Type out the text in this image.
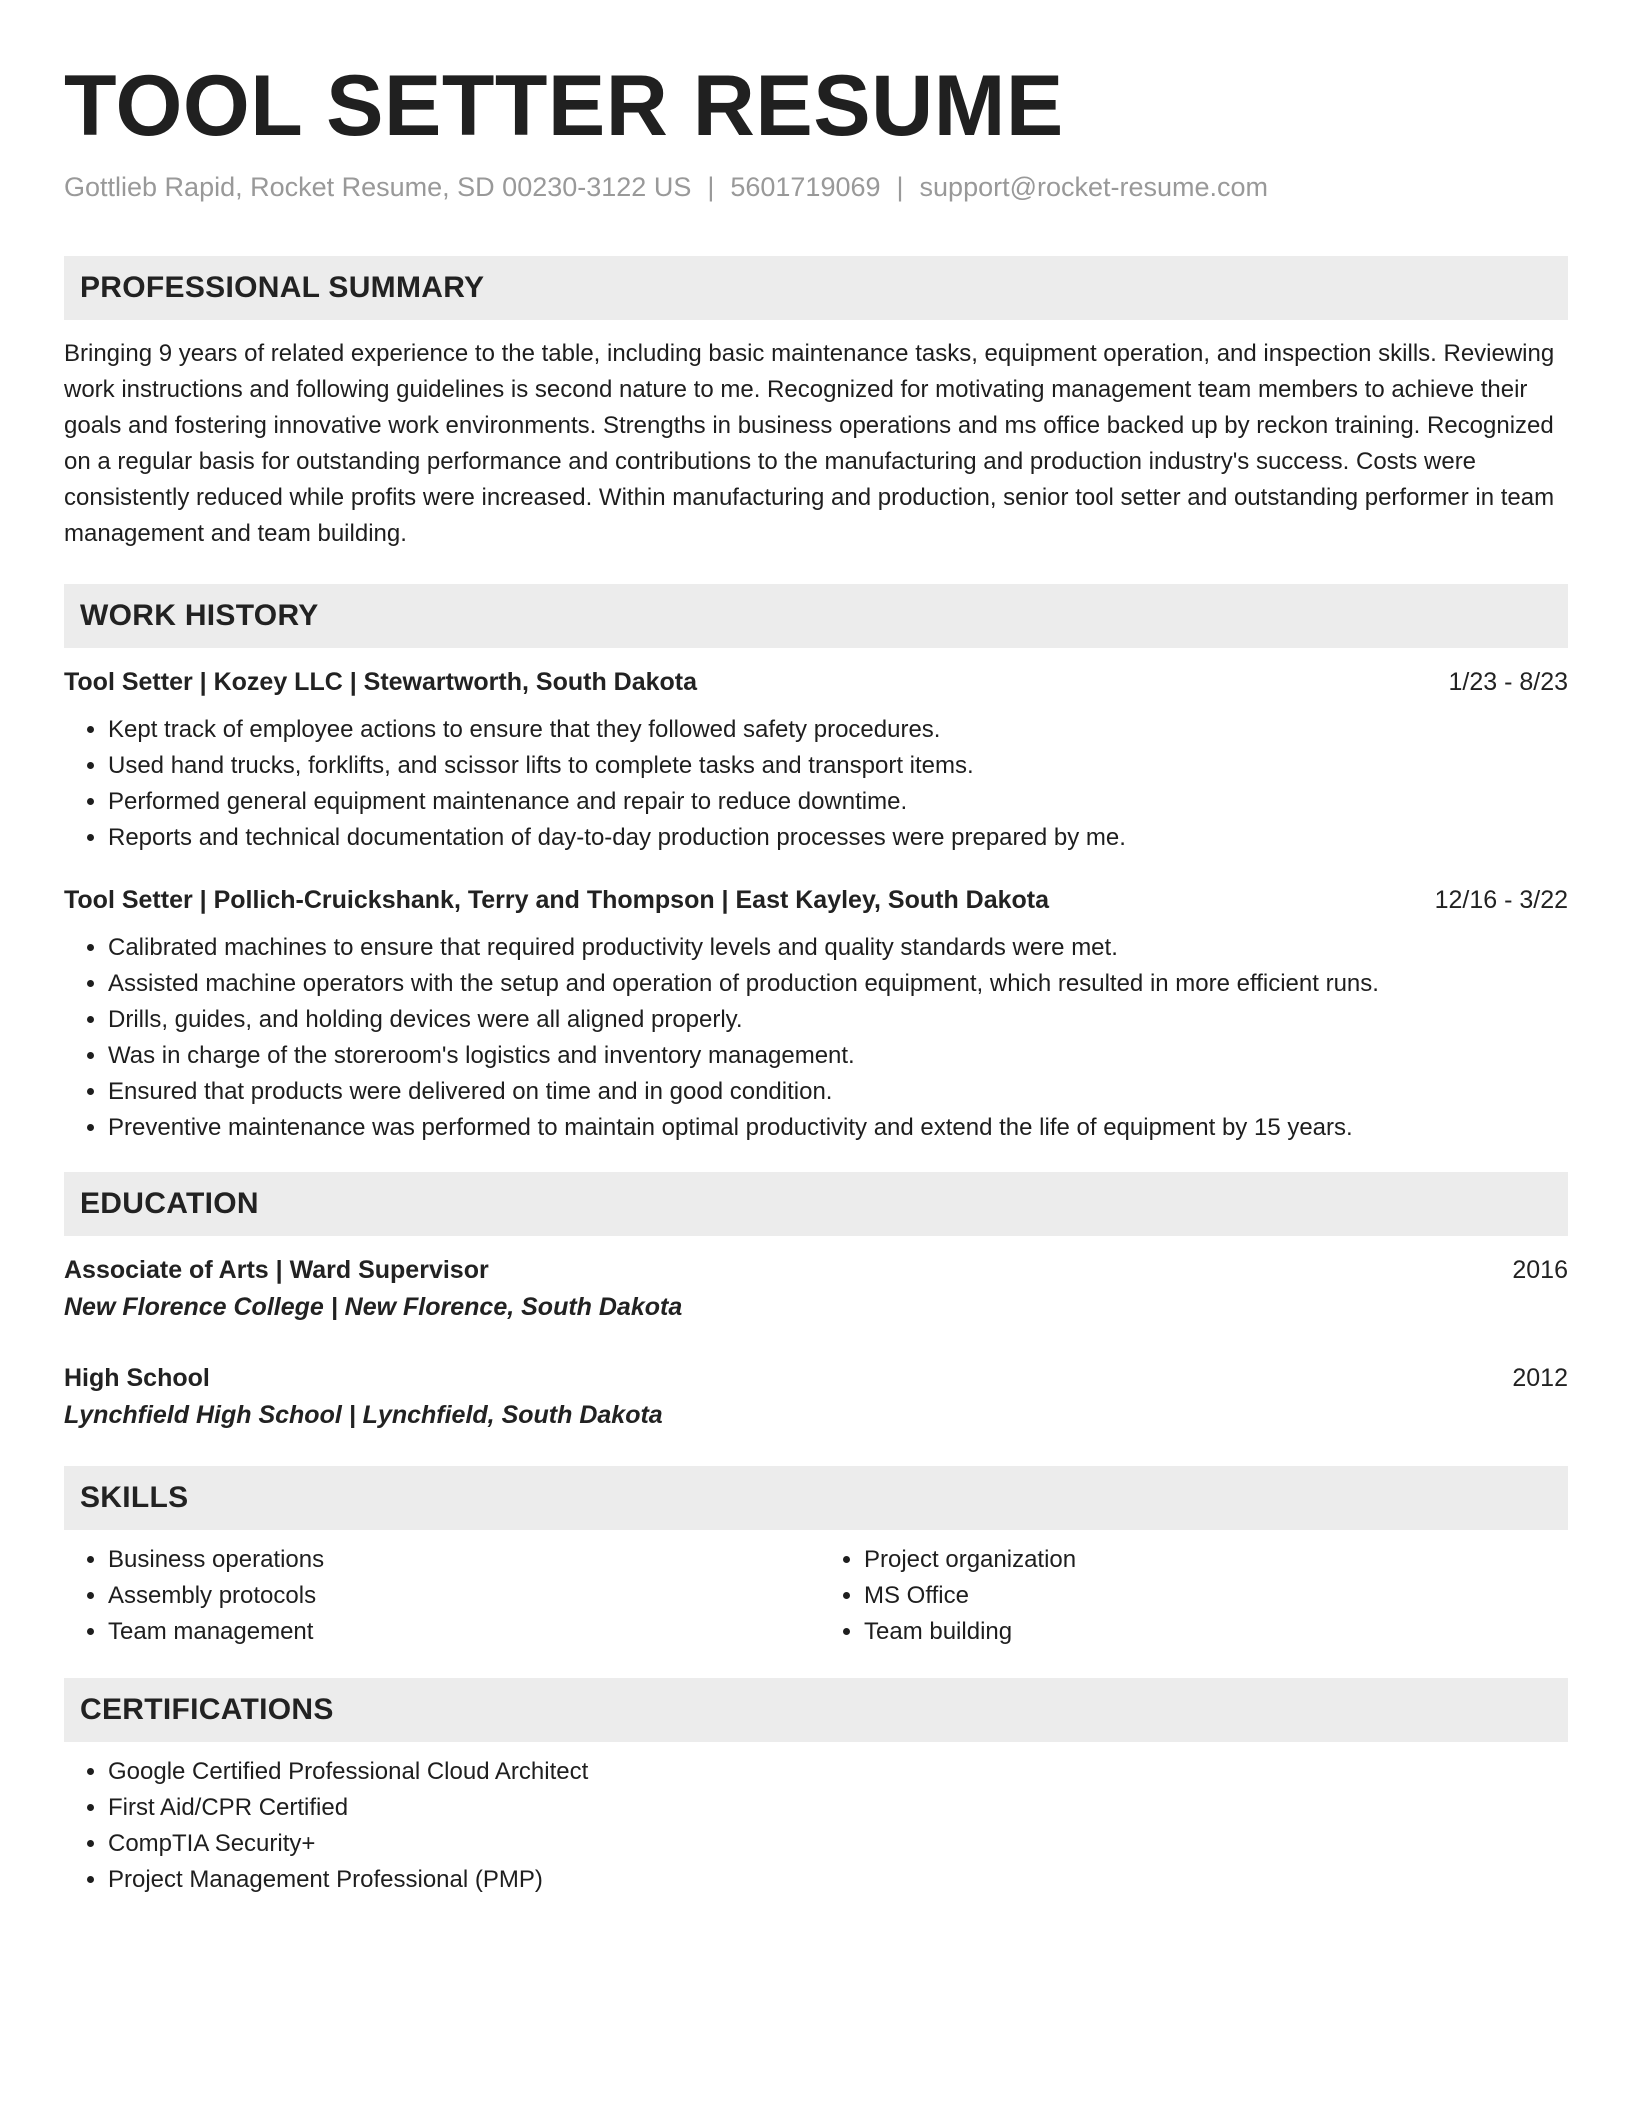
TOOL SETTER RESUME
Gottlieb Rapid, Rocket Resume, SD 00230-3122 US | 5601719069 | support@rocket-resume.com
PROFESSIONAL SUMMARY
Bringing 9 years of related experience to the table, including basic maintenance tasks, equipment operation, and inspection skills. Reviewing work instructions and following guidelines is second nature to me. Recognized for motivating management team members to achieve their goals and fostering innovative work environments. Strengths in business operations and ms office backed up by reckon training. Recognized on a regular basis for outstanding performance and contributions to the manufacturing and production industry's success. Costs were consistently reduced while profits were increased. Within manufacturing and production, senior tool setter and outstanding performer in team management and team building.
WORK HISTORY
Tool Setter | Kozey LLC | Stewartworth, South Dakota	1/23 - 8/23
• Kept track of employee actions to ensure that they followed safety procedures.
• Used hand trucks, forklifts, and scissor lifts to complete tasks and transport items.
• Performed general equipment maintenance and repair to reduce downtime.
• Reports and technical documentation of day-to-day production processes were prepared by me.
Tool Setter | Pollich-Cruickshank, Terry and Thompson | East Kayley, South Dakota	12/16 - 3/22
• Calibrated machines to ensure that required productivity levels and quality standards were met.
• Assisted machine operators with the setup and operation of production equipment, which resulted in more efficient runs.
• Drills, guides, and holding devices were all aligned properly.
• Was in charge of the storeroom's logistics and inventory management.
• Ensured that products were delivered on time and in good condition.
• Preventive maintenance was performed to maintain optimal productivity and extend the life of equipment by 15 years.
EDUCATION
Associate of Arts | Ward Supervisor	2016
New Florence College | New Florence, South Dakota
High School	2012
Lynchfield High School | Lynchfield, South Dakota
SKILLS
• Business operations
• Assembly protocols
• Team management
• Project organization
• MS Office
• Team building
CERTIFICATIONS
• Google Certified Professional Cloud Architect
• First Aid/CPR Certified
• CompTIA Security+
• Project Management Professional (PMP)
